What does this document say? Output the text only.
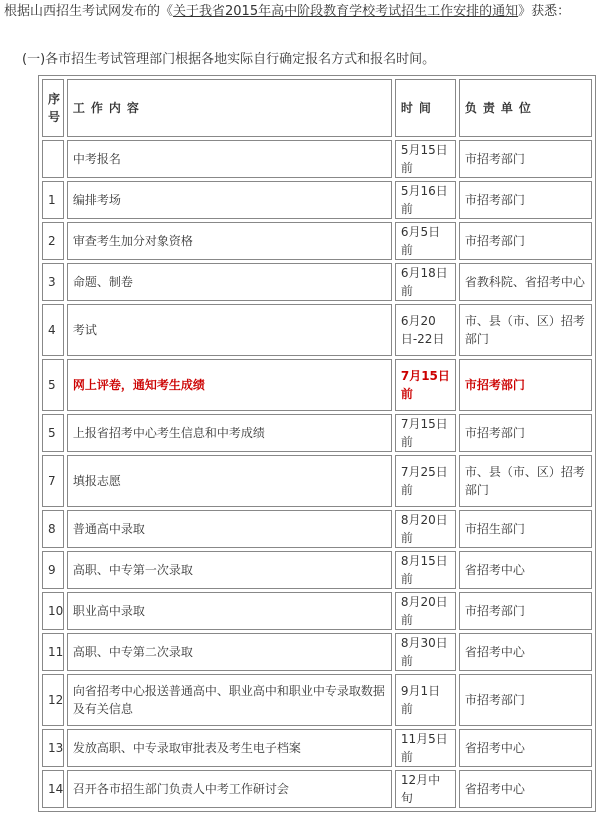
根据山西招生考试网发布的《关于我省2015年高中阶段教育学校考试招生工作安排的通知》获悉：
(一)各市招生考试管理部门根据各地实际自行确定报名方式和报名时间。
序号	工作内容	时间	负责单位
	中考报名	5月15日前	市招考部门
1	编排考场	5月16日前	市招考部门
2	审查考生加分对象资格	6月5日前	市招考部门
3	命题、制卷	6月18日前	省教科院、省招考中心
4	考试	6月20日-22日	市、县（市、区）招考部门
5	网上评卷，通知考生成绩	7月15日前	市招考部门
5	上报省招考中心考生信息和中考成绩	7月15日前	市招考部门
7	填报志愿	7月25日前	市、县（市、区）招考部门
8	普通高中录取	8月20日前	市招生部门
9	高职、中专第一次录取	8月15日前	省招考中心
10	职业高中录取	8月20日前	市招考部门
11	高职、中专第二次录取	8月30日前	省招考中心
12	向省招考中心报送普通高中、职业高中和职业中专录取数据及有关信息	9月1日前	市招考部门
13	发放高职、中专录取审批表及考生电子档案	11月5日前	省招考中心
14	召开各市招生部门负责人中考工作研讨会	12月中旬	省招考中心
